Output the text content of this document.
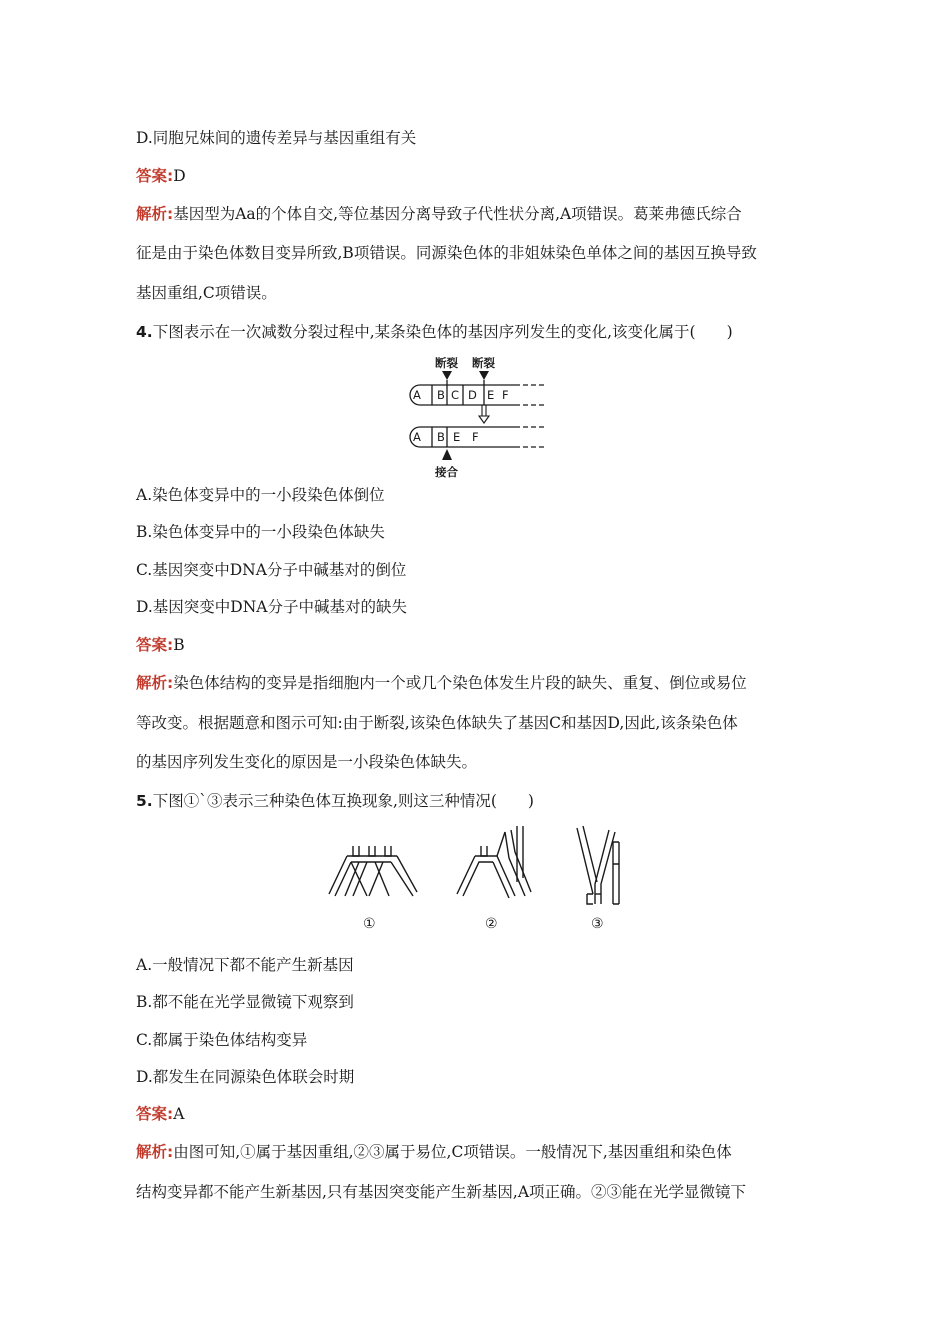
D.同胞兄妹间的遗传差异与基因重组有关
答案:D
解析:基因型为Aa的个体自交,等位基因分离导致子代性状分离,A项错误。葛莱弗德氏综合
征是由于染色体数目变异所致,B项错误。同源染色体的非姐妹染色单体之间的基因互换导致
基因重组,C项错误。
4.下图表示在一次减数分裂过程中,某条染色体的基因序列发生的变化,该变化属于(　　)
断裂 断裂
A B C D E F
A B E F
接合
A.染色体变异中的一小段染色体倒位
B.染色体变异中的一小段染色体缺失
C.基因突变中DNA分子中碱基对的倒位
D.基因突变中DNA分子中碱基对的缺失
答案:B
解析:染色体结构的变异是指细胞内一个或几个染色体发生片段的缺失、重复、倒位或易位
等改变。根据题意和图示可知:由于断裂,该染色体缺失了基因C和基因D,因此,该条染色体
的基因序列发生变化的原因是一小段染色体缺失。
5.下图①`③表示三种染色体互换现象,则这三种情况(　　)
①	②	③
A.一般情况下都不能产生新基因
B.都不能在光学显微镜下观察到
C.都属于染色体结构变异
D.都发生在同源染色体联会时期
答案:A
解析:由图可知,①属于基因重组,②③属于易位,C项错误。一般情况下,基因重组和染色体
结构变异都不能产生新基因,只有基因突变能产生新基因,A项正确。②③能在光学显微镜下
